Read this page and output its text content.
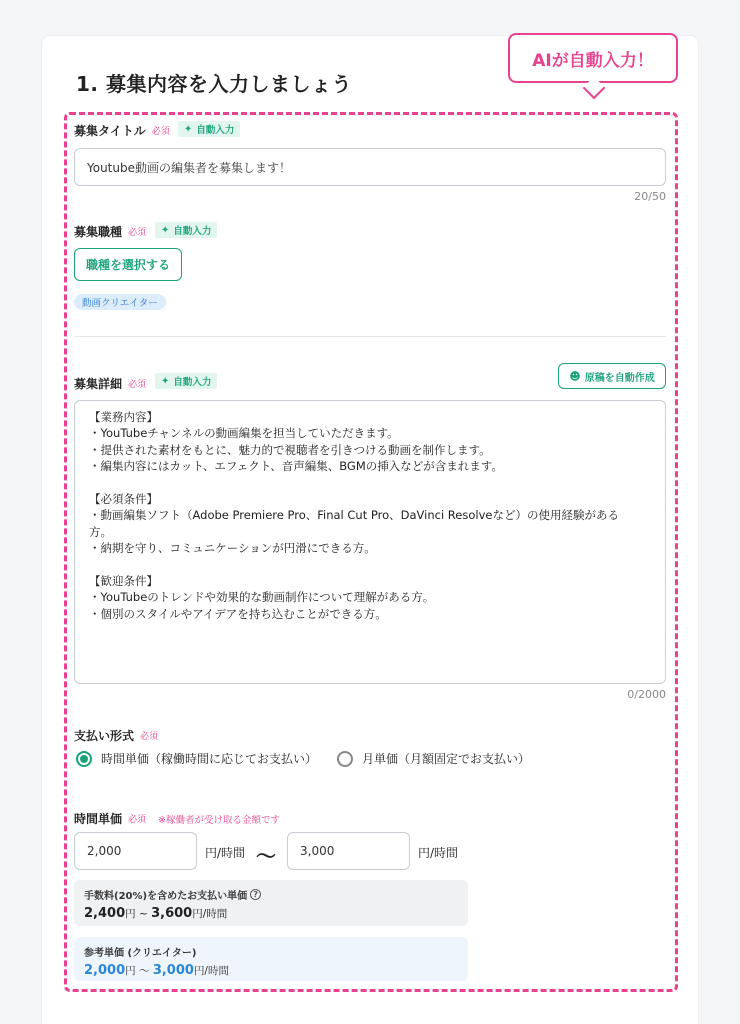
1. 募集内容を入力しましょう
AIが自動入力！
募集タイトル 必須 ✦ 自動入力
Youtube動画の編集者を募集します！
20/50
募集職種 必須 ✦ 自動入力
職種を選択する
動画クリエイター
募集詳細 必須 ✦ 自動入力	☻ 原稿を自動作成
【業務内容】
・YouTubeチャンネルの動画編集を担当していただきます。
・提供された素材をもとに、魅力的で視聴者を引きつける動画を制作します。
・編集内容にはカット、エフェクト、音声編集、BGMの挿入などが含まれます。
【必須条件】
・動画編集ソフト（Adobe Premiere Pro、Final Cut Pro、DaVinci Resolveなど）の使用経験がある
方。
・納期を守り、コミュニケーションが円滑にできる方。
【歓迎条件】
・YouTubeのトレンドや効果的な動画制作について理解がある方。
・個別のスタイルやアイデアを持ち込むことができる方。
0/2000
支払い形式 必須
時間単価（稼働時間に応じてお支払い）	月単価（月額固定でお支払い）
時間単価 必須 ※稼働者が受け取る金額です
2,000	円/時間 〜 3,000	円/時間
手数料(20%)を含めたお支払い単価 ?
2,400円 ~ 3,600円/時間
参考単価 (クリエイター)
2,000円 〜 3,000円/時間
